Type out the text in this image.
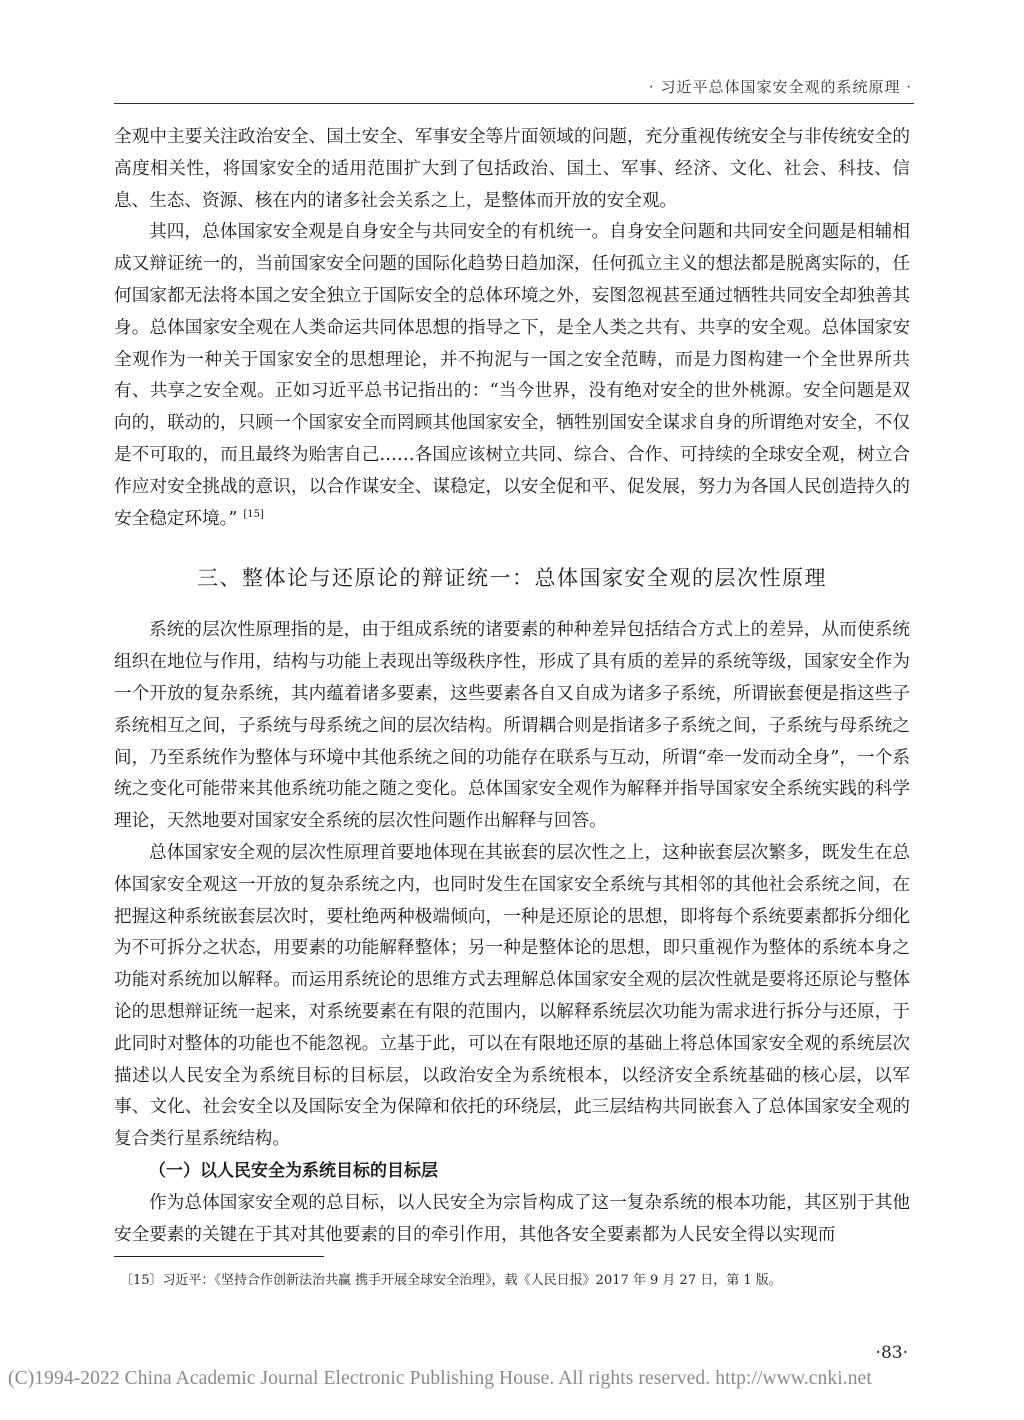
· 习近平总体国家安全观的系统原理 ·

全观中主要关注政治安全、国土安全、军事安全等片面领域的问题，充分重视传统安全与非传统安全的高度相关性，将国家安全的适用范围扩大到了包括政治、国土、军事、经济、文化、社会、科技、信息、生态、资源、核在内的诸多社会关系之上，是整体而开放的安全观。

其四，总体国家安全观是自身安全与共同安全的有机统一。自身安全问题和共同安全问题是相辅相成又辩证统一的，当前国家安全问题的国际化趋势日趋加深，任何孤立主义的想法都是脱离实际的，任何国家都无法将本国之安全独立于国际安全的总体环境之外，妄图忽视甚至通过牺牲共同安全却独善其身。总体国家安全观在人类命运共同体思想的指导之下，是全人类之共有、共享的安全观。总体国家安全观作为一种关于国家安全的思想理论，并不拘泥与一国之安全范畴，而是力图构建一个全世界所共有、共享之安全观。正如习近平总书记指出的：“当今世界，没有绝对安全的世外桃源。安全问题是双向的，联动的，只顾一个国家安全而罔顾其他国家安全，牺牲别国安全谋求自身的所谓绝对安全，不仅是不可取的，而且最终为贻害自己……各国应该树立共同、综合、合作、可持续的全球安全观，树立合作应对安全挑战的意识，以合作谋安全、谋稳定，以安全促和平、促发展，努力为各国人民创造持久的安全稳定环境。” [15]

三、整体论与还原论的辩证统一：总体国家安全观的层次性原理

系统的层次性原理指的是，由于组成系统的诸要素的种种差异包括结合方式上的差异，从而使系统组织在地位与作用，结构与功能上表现出等级秩序性，形成了具有质的差异的系统等级，国家安全作为一个开放的复杂系统，其内蕴着诸多要素，这些要素各自又自成为诸多子系统，所谓嵌套便是指这些子系统相互之间，子系统与母系统之间的层次结构。所谓耦合则是指诸多子系统之间，子系统与母系统之间，乃至系统作为整体与环境中其他系统之间的功能存在联系与互动，所谓“牵一发而动全身”，一个系统之变化可能带来其他系统功能之随之变化。总体国家安全观作为解释并指导国家安全系统实践的科学理论，天然地要对国家安全系统的层次性问题作出解释与回答。

总体国家安全观的层次性原理首要地体现在其嵌套的层次性之上，这种嵌套层次繁多，既发生在总体国家安全观这一开放的复杂系统之内，也同时发生在国家安全系统与其相邻的其他社会系统之间，在把握这种系统嵌套层次时，要杜绝两种极端倾向，一种是还原论的思想，即将每个系统要素都拆分细化为不可拆分之状态，用要素的功能解释整体；另一种是整体论的思想，即只重视作为整体的系统本身之功能对系统加以解释。而运用系统论的思维方式去理解总体国家安全观的层次性就是要将还原论与整体论的思想辩证统一起来，对系统要素在有限的范围内，以解释系统层次功能为需求进行拆分与还原，于此同时对整体的功能也不能忽视。立基于此，可以在有限地还原的基础上将总体国家安全观的系统层次描述以人民安全为系统目标的目标层，以政治安全为系统根本，以经济安全系统基础的核心层，以军事、文化、社会安全以及国际安全为保障和依托的环绕层，此三层结构共同嵌套入了总体国家安全观的复合类行星系统结构。

（一）以人民安全为系统目标的目标层

作为总体国家安全观的总目标，以人民安全为宗旨构成了这一复杂系统的根本功能，其区别于其他安全要素的关键在于其对其他要素的目的牵引作用，其他各安全要素都为人民安全得以实现而

〔15〕习近平：《坚持合作创新法治共赢 携手开展全球安全治理》，载《人民日报》2017 年 9 月 27 日，第 1 版。
·83·
(C)1994-2022 China Academic Journal Electronic Publishing House. All rights reserved. http://www.cnki.net
